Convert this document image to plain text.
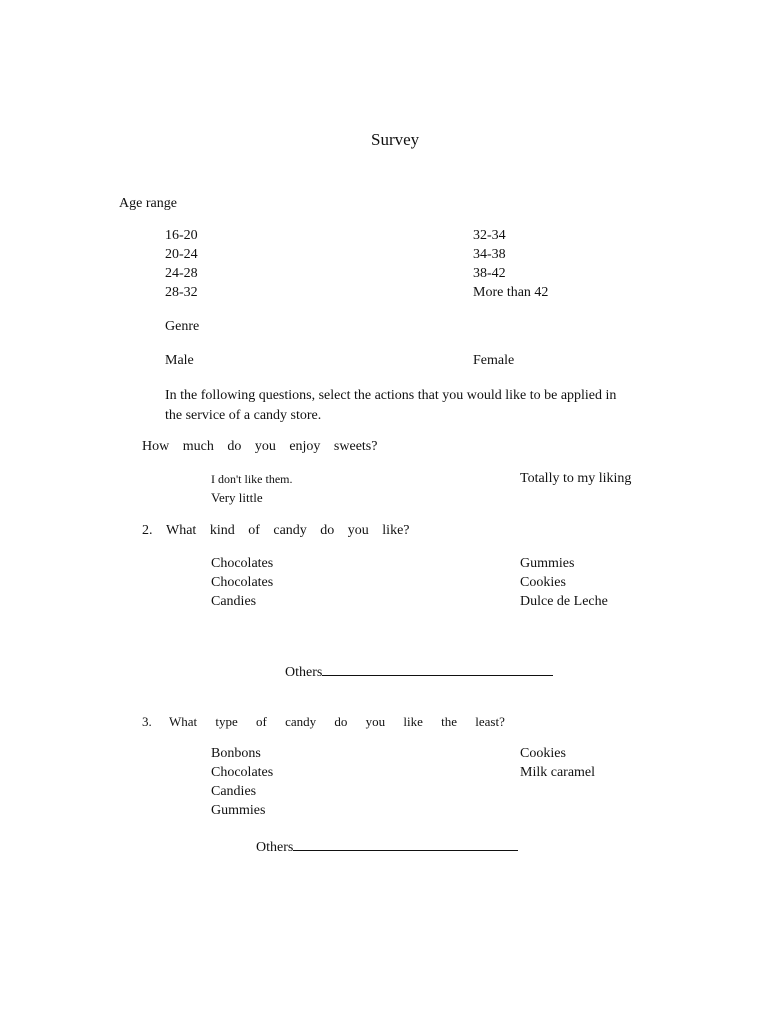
Survey
Age range
16-20
20-24
24-28
28-32
32-34
34-38
38-42
More than 42
Genre
Male	Female
In the following questions, select the actions that you would like to be applied in the service of a candy store.
How much do you enjoy sweets?
I don't like them.
Very little
Totally to my liking
2. What kind of candy do you like?
Chocolates
Chocolates
Candies
Gummies
Cookies
Dulce de Leche
Others
3. What type of candy do you like the least?
Bonbons
Chocolates
Candies
Gummies
Cookies
Milk caramel
Others
